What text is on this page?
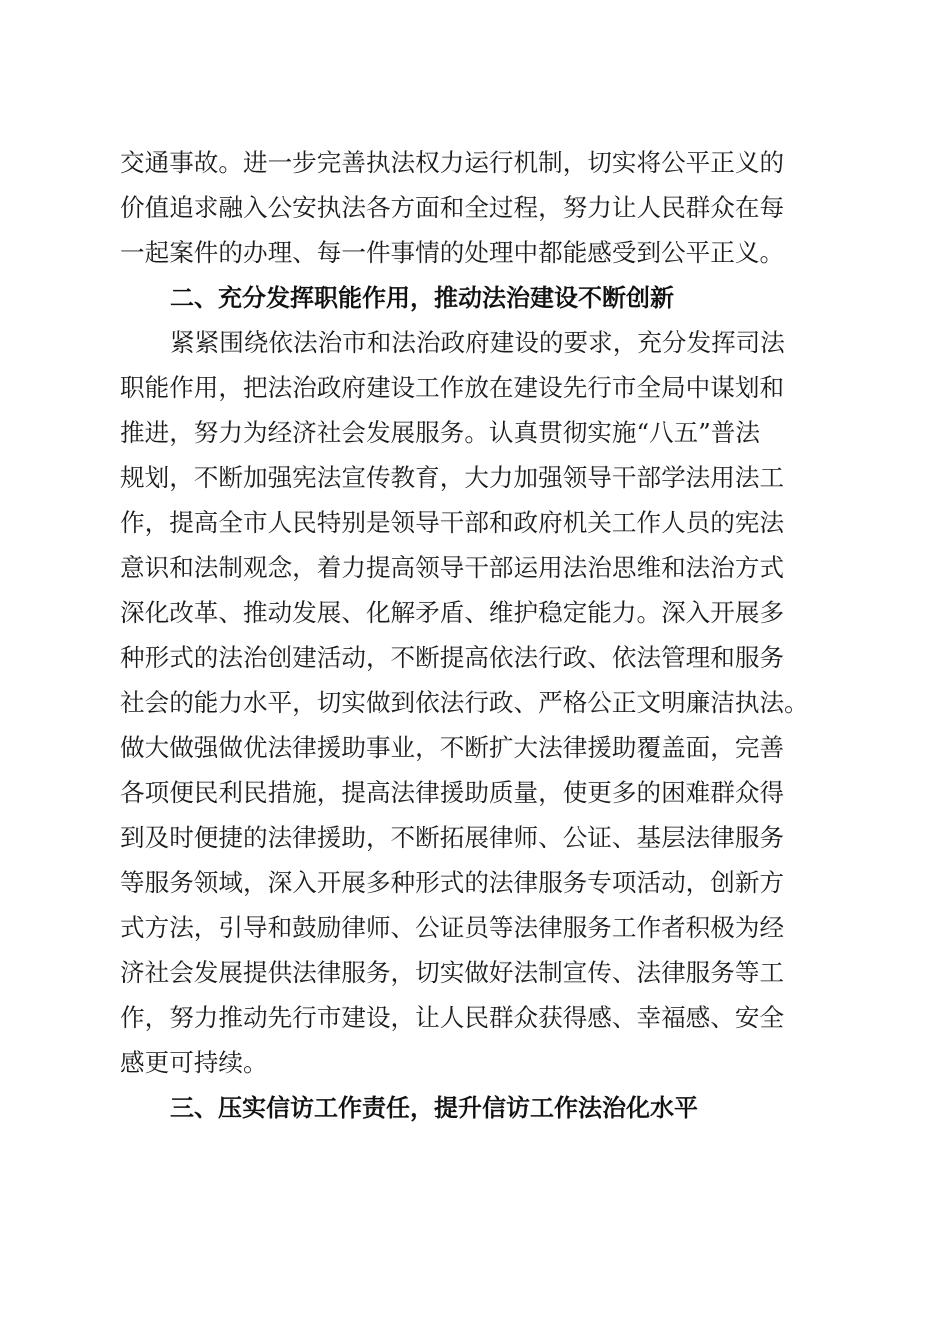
交通事故。进一步完善执法权力运行机制，切实将公平正义的
价值追求融入公安执法各方面和全过程，努力让人民群众在每
一起案件的办理、每一件事情的处理中都能感受到公平正义。
二、充分发挥职能作用，推动法治建设不断创新
紧紧围绕依法治市和法治政府建设的要求，充分发挥司法
职能作用，把法治政府建设工作放在建设先行市全局中谋划和
推进，努力为经济社会发展服务。认真贯彻实施“八五”普法
规划，不断加强宪法宣传教育，大力加强领导干部学法用法工
作，提高全市人民特别是领导干部和政府机关工作人员的宪法
意识和法制观念，着力提高领导干部运用法治思维和法治方式
深化改革、推动发展、化解矛盾、维护稳定能力。深入开展多
种形式的法治创建活动，不断提高依法行政、依法管理和服务
社会的能力水平，切实做到依法行政、严格公正文明廉洁执法。
做大做强做优法律援助事业，不断扩大法律援助覆盖面，完善
各项便民利民措施，提高法律援助质量，使更多的困难群众得
到及时便捷的法律援助，不断拓展律师、公证、基层法律服务
等服务领域，深入开展多种形式的法律服务专项活动，创新方
式方法，引导和鼓励律师、公证员等法律服务工作者积极为经
济社会发展提供法律服务，切实做好法制宣传、法律服务等工
作，努力推动先行市建设，让人民群众获得感、幸福感、安全
感更可持续。
三、压实信访工作责任，提升信访工作法治化水平
